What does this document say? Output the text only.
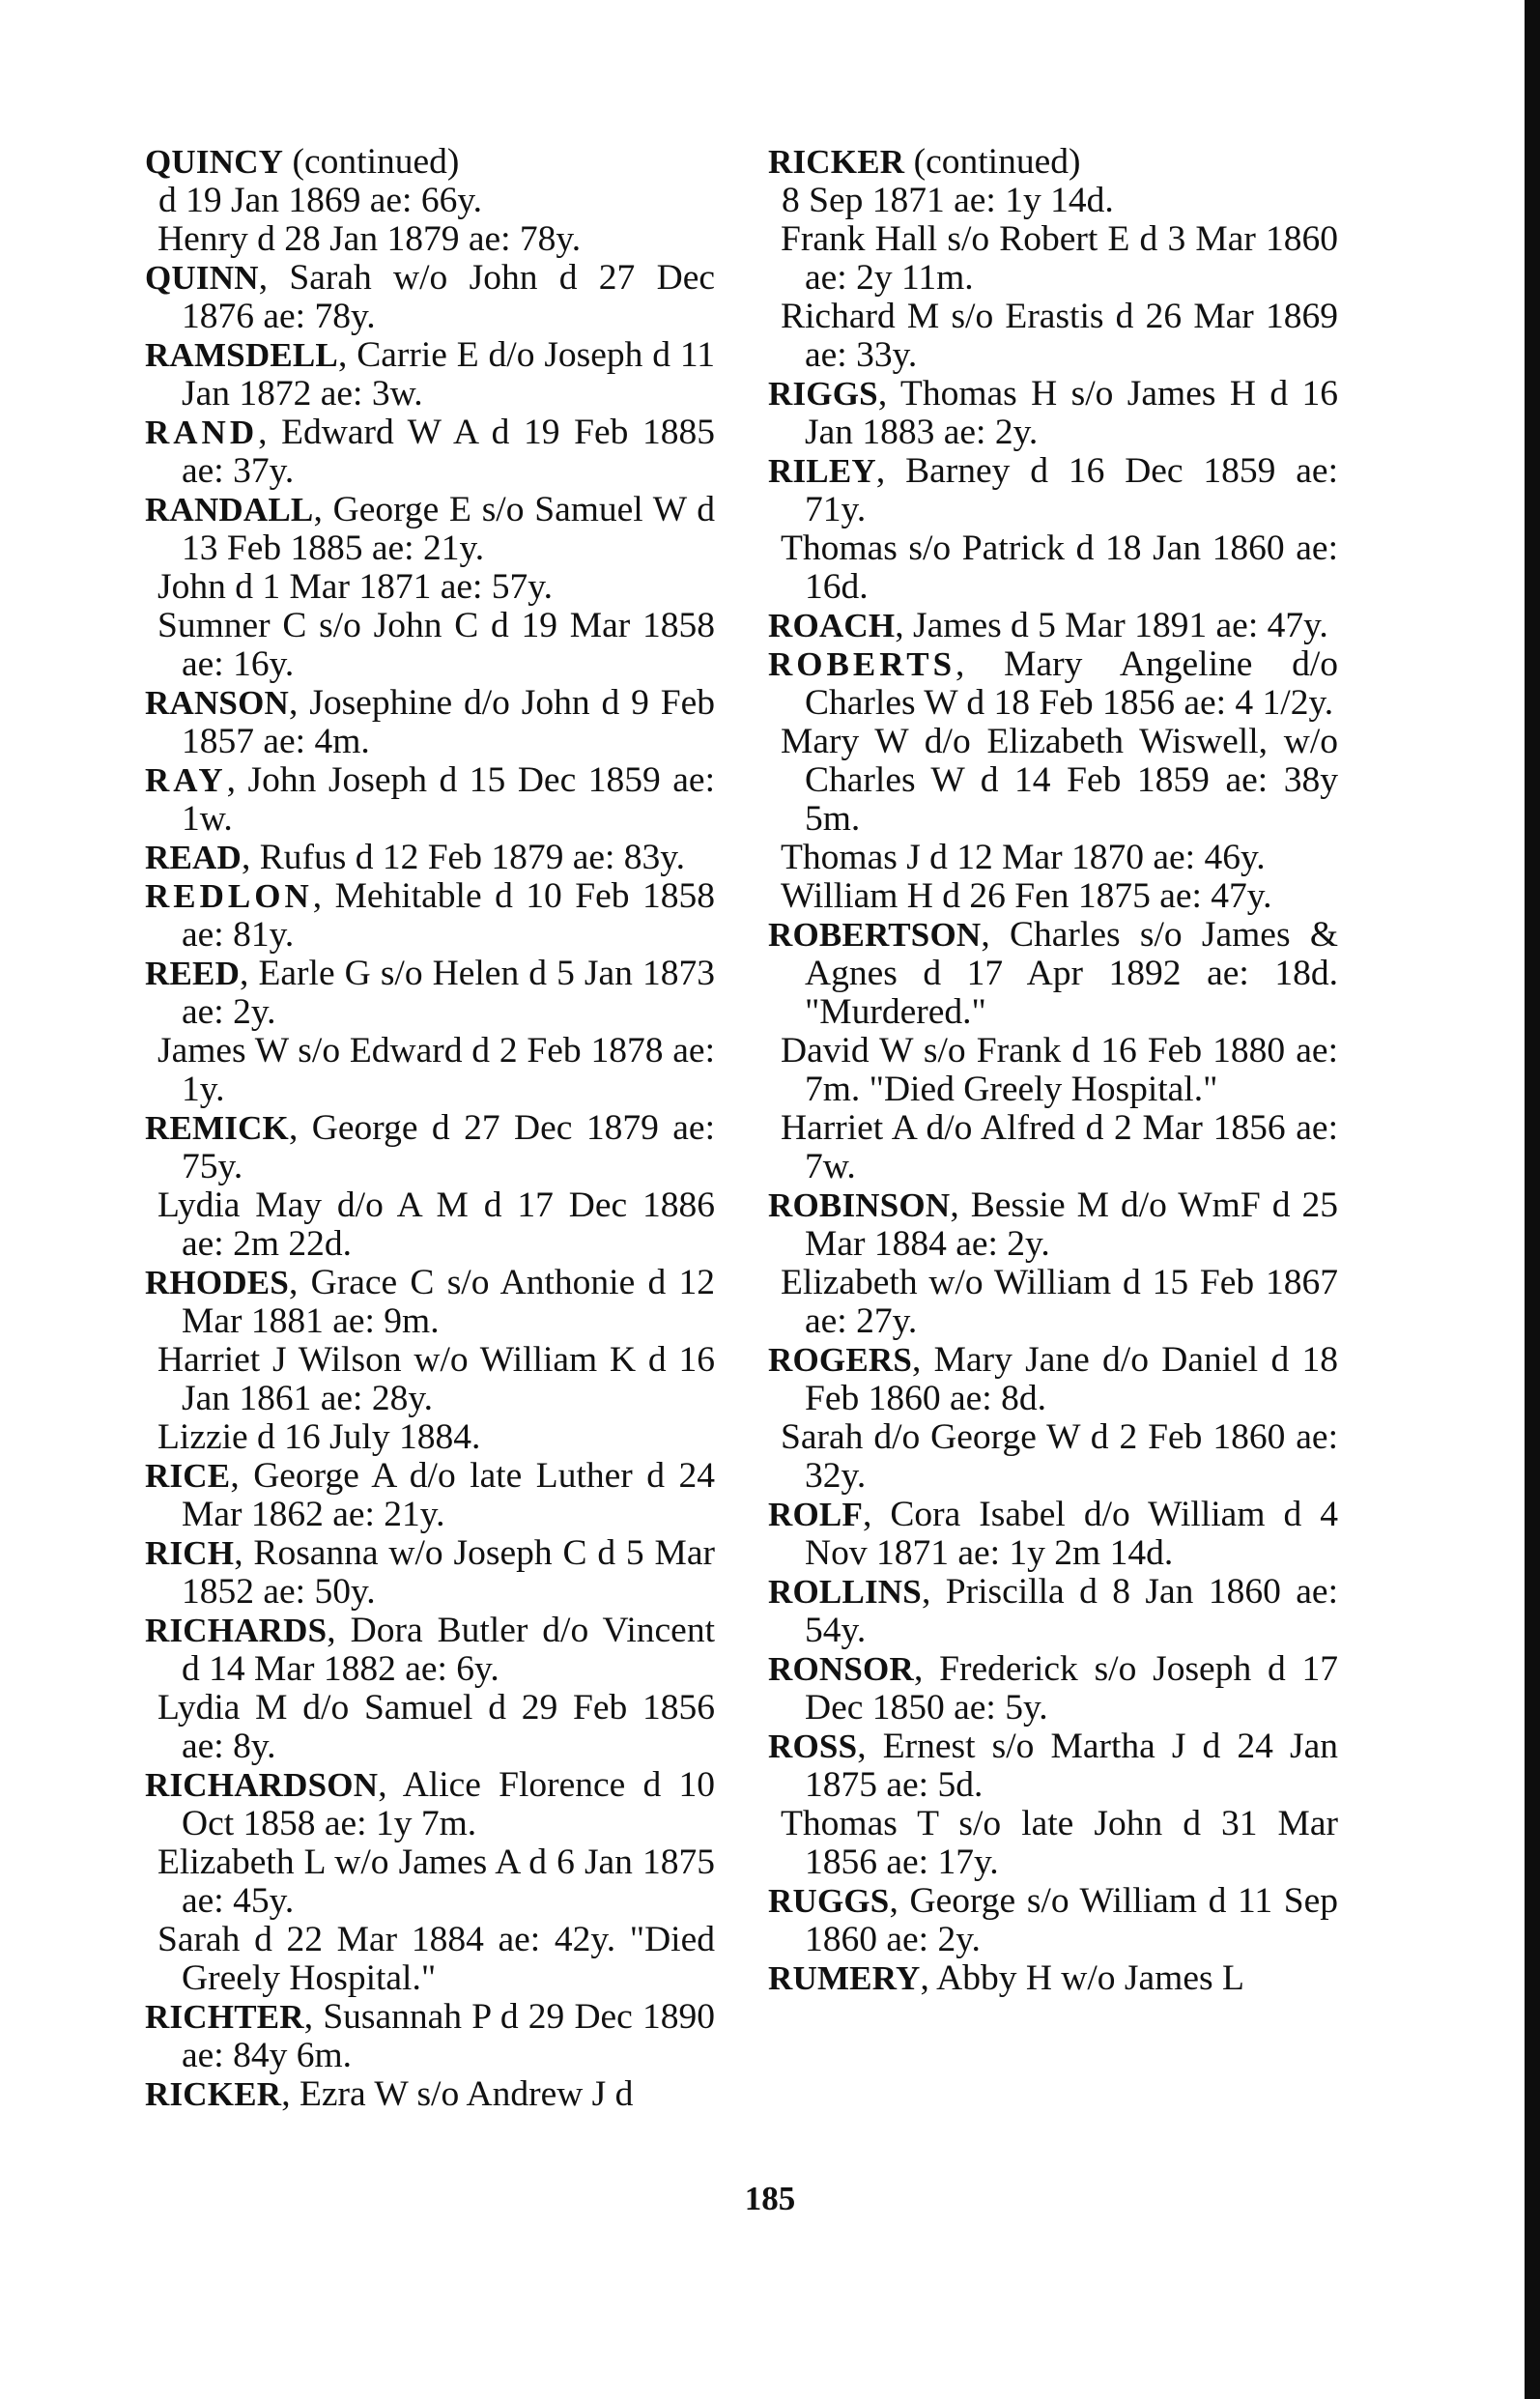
QUINCY (continued)

d 19 Jan 1869 ae: 66y.

Henry d 28 Jan 1879 ae: 78y.

QUINN, Sarah w/o John d 27 Dec 1876 ae: 78y.

RAMSDELL, Carrie E d/o Joseph d 11 Jan 1872 ae: 3w.

RAND, Edward W A d 19 Feb 1885 ae: 37y.

RANDALL, George E s/o Samuel W d 13 Feb 1885 ae: 21y.

John d 1 Mar 1871 ae: 57y.

Sumner C s/o John C d 19 Mar 1858 ae: 16y.

RANSON, Josephine d/o John d 9 Feb 1857 ae: 4m.

RAY, John Joseph d 15 Dec 1859 ae: 1w.

READ, Rufus d 12 Feb 1879 ae: 83y.

REDLON, Mehitable d 10 Feb 1858 ae: 81y.

REED, Earle G s/o Helen d 5 Jan 1873 ae: 2y.

James W s/o Edward d 2 Feb 1878 ae: 1y.

REMICK, George d 27 Dec 1879 ae: 75y.

Lydia May d/o A M d 17 Dec 1886 ae: 2m 22d.

RHODES, Grace C s/o Anthonie d 12 Mar 1881 ae: 9m.

Harriet J Wilson w/o William K d 16 Jan 1861 ae: 28y.

Lizzie d 16 July 1884.

RICE, George A d/o late Luther d 24 Mar 1862 ae: 21y.

RICH, Rosanna w/o Joseph C d 5 Mar 1852 ae: 50y.

RICHARDS, Dora Butler d/o Vincent d 14 Mar 1882 ae: 6y.

Lydia M d/o Samuel d 29 Feb 1856 ae: 8y.

RICHARDSON, Alice Florence d 10 Oct 1858 ae: 1y 7m.

Elizabeth L w/o James A d 6 Jan 1875 ae: 45y.

Sarah d 22 Mar 1884 ae: 42y. "Died Greely Hospital."

RICHTER, Susannah P d 29 Dec 1890 ae: 84y 6m.

RICKER, Ezra W s/o Andrew J d

RICKER (continued)

8 Sep 1871 ae: 1y 14d.

Frank Hall s/o Robert E d 3 Mar 1860 ae: 2y 11m.

Richard M s/o Erastis d 26 Mar 1869 ae: 33y.

RIGGS, Thomas H s/o James H d 16 Jan 1883 ae: 2y.

RILEY, Barney d 16 Dec 1859 ae: 71y.

Thomas s/o Patrick d 18 Jan 1860 ae: 16d.

ROACH, James d 5 Mar 1891 ae: 47y.

ROBERTS, Mary Angeline d/o Charles W d 18 Feb 1856 ae: 4 1/2y.

Mary W d/o Elizabeth Wiswell, w/o Charles W d 14 Feb 1859 ae: 38y 5m.

Thomas J d 12 Mar 1870 ae: 46y.

William H d 26 Fen 1875 ae: 47y.

ROBERTSON, Charles s/o James & Agnes d 17 Apr 1892 ae: 18d. "Murdered."

David W s/o Frank d 16 Feb 1880 ae: 7m. "Died Greely Hospital."

Harriet A d/o Alfred d 2 Mar 1856 ae: 7w.

ROBINSON, Bessie M d/o WmF d 25 Mar 1884 ae: 2y.

Elizabeth w/o William d 15 Feb 1867 ae: 27y.

ROGERS, Mary Jane d/o Daniel d 18 Feb 1860 ae: 8d.

Sarah d/o George W d 2 Feb 1860 ae: 32y.

ROLF, Cora Isabel d/o William d 4 Nov 1871 ae: 1y 2m 14d.

ROLLINS, Priscilla d 8 Jan 1860 ae: 54y.

RONSOR, Frederick s/o Joseph d 17 Dec 1850 ae: 5y.

ROSS, Ernest s/o Martha J d 24 Jan 1875 ae: 5d.

Thomas T s/o late John d 31 Mar 1856 ae: 17y.

RUGGS, George s/o William d 11 Sep 1860 ae: 2y.

RUMERY, Abby H w/o James L

185
